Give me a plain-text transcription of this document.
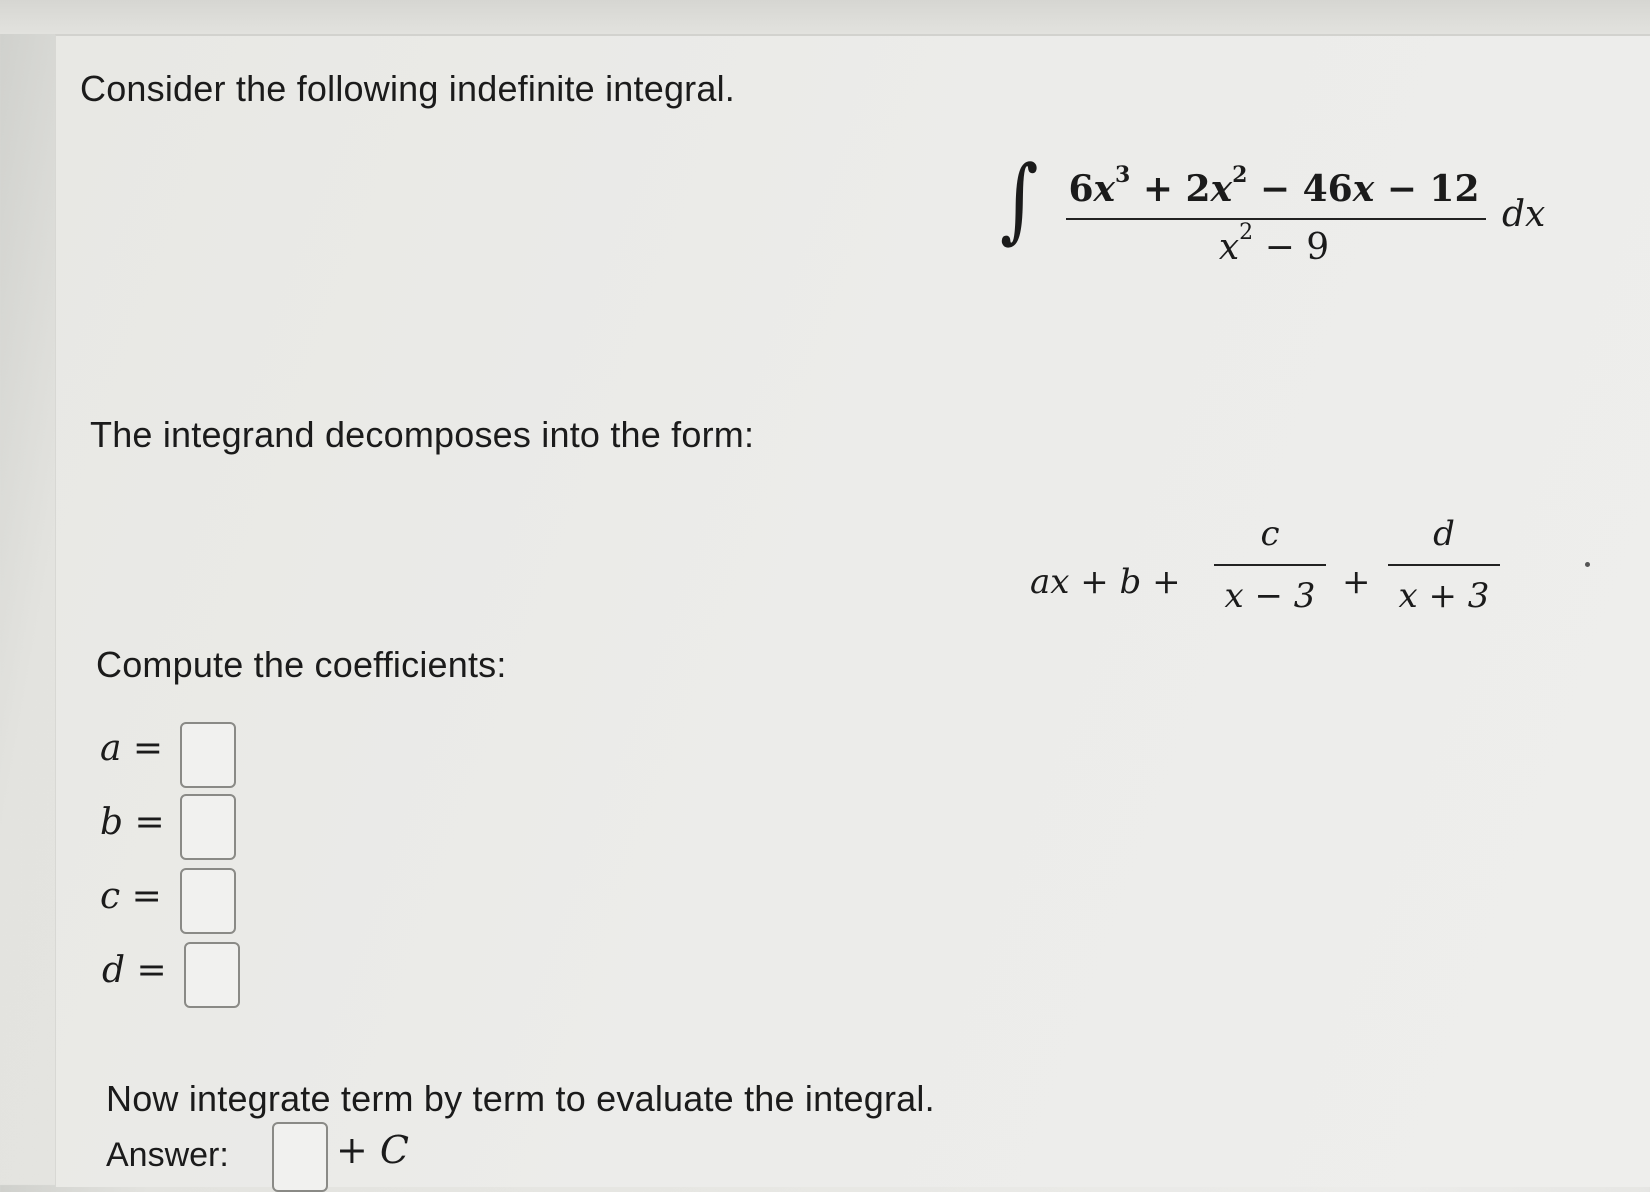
Consider the following indefinite integral.
∫ $6x^3 + 2x^2 - 46x - 12$
$x^2 - 9$
dx
The integrand decomposes into the form:
ax + b +
c
x − 3 +
d
x + 3
Compute the coefficients:
a =
b =
c =
d =
Now integrate term by term to evaluate the integral.
Answer:	+ C
